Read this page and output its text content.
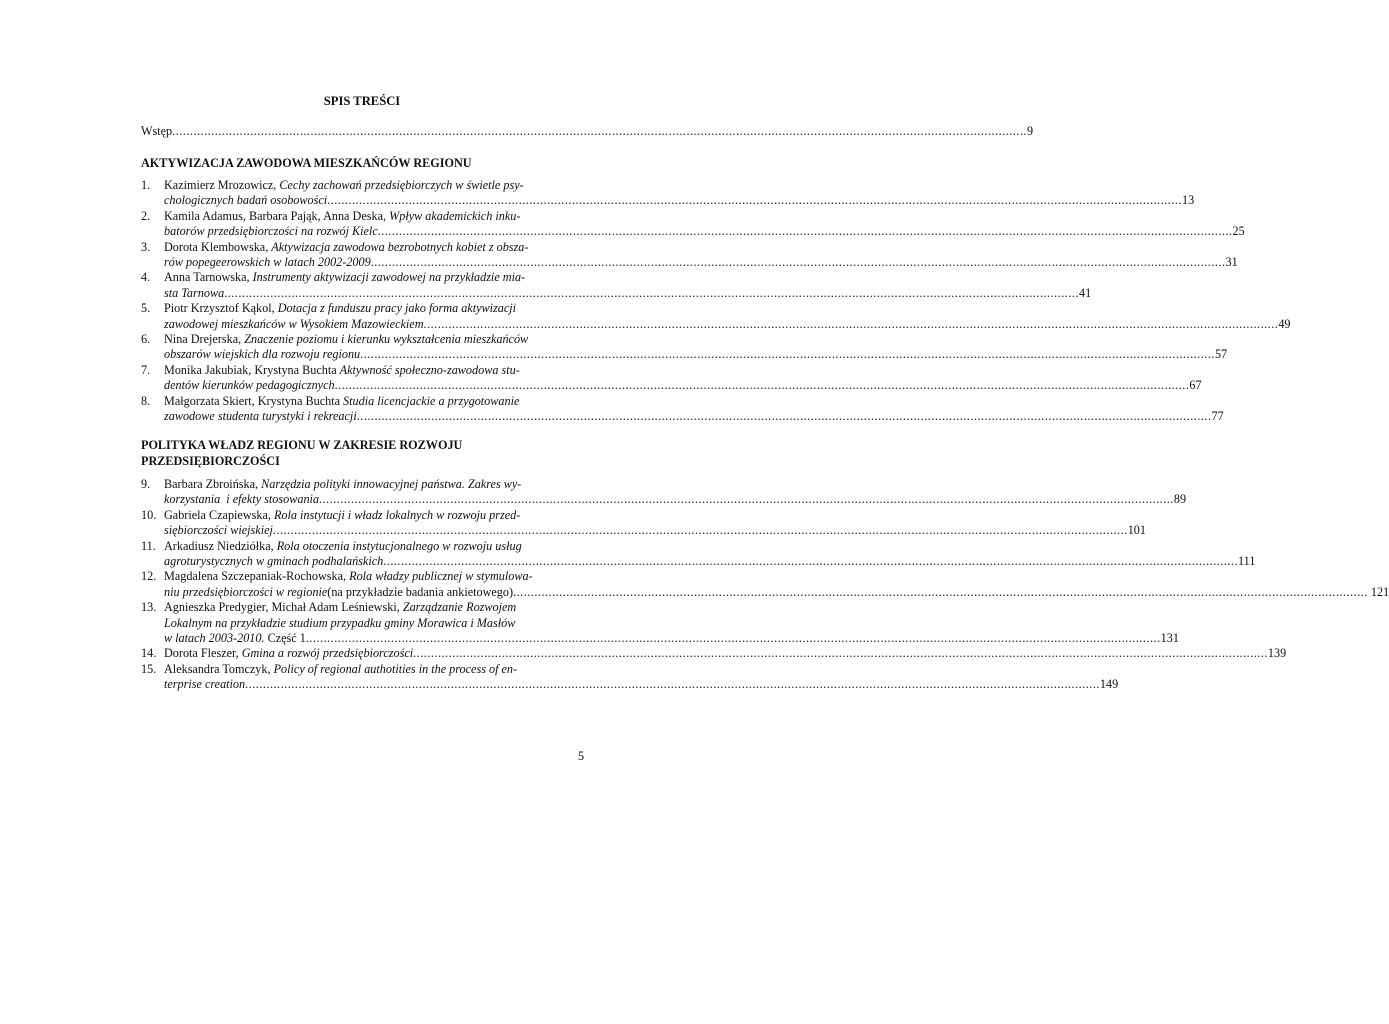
SPIS TREŚCI
Wstęp .....	9
AKTYWIZACJA ZAWODOWA MIESZKAŃCÓW REGIONU
1.	Kazimierz Mrozowicz, Cechy zachowań przedsiębiorczych w świetle psy-
chologicznych badań osobowości .....	13
2.	Kamila Adamus, Barbara Pająk, Anna Deska, Wpływ akademickich inku-
batorów przedsiębiorczości na rozwój Kielc .....	25
3.	Dorota Klembowska, Aktywizacja zawodowa bezrobotnych kobiet z obsza-
rów popegeerowskich w latach 2002-2009 .....	31
4.	Anna Tarnowska, Instrumenty aktywizacji zawodowej na przykładzie mia-
sta Tarnowa .....	41
5.	Piotr Krzysztof Kąkol, Dotacja z funduszu pracy jako forma aktywizacji
zawodowej mieszkańców w Wysokiem Mazowieckiem .....	49
6.	Nina Drejerska, Znaczenie poziomu i kierunku wykształcenia mieszkańców
obszarów wiejskich dla rozwoju regionu .....	57
7.	Monika Jakubiak, Krystyna Buchta Aktywność społeczno-zawodowa stu-
dentów kierunków pedagogicznych .....	67
8.	Małgorzata Skiert, Krystyna Buchta Studia licencjackie a przygotowanie
zawodowe studenta turystyki i rekreacji .....	77
POLITYKA WŁADZ REGIONU W ZAKRESIE ROZWOJU
PRZEDSIĘBIORCZOŚCI
9.	Barbara Zbroińska, Narzędzia polityki innowacyjnej państwa. Zakres wy-
korzystania  i efekty stosowania .....	89
10. Gabriela Czapiewska, Rola instytucji i władz lokalnych w rozwoju przed-
siębiorczości wiejskiej .....	101
11. Arkadiusz Niedziółka, Rola otoczenia instytucjonalnego w rozwoju usług
agroturystycznych w gminach podhalańskich .....	111
12. Magdalena Szczepaniak-Rochowska, Rola władzy publicznej w stymulowa-
niu przedsiębiorczości w regionie (na przykładzie badania ankietowego) .....	121
13. Agnieszka Predygier, Michał Adam Leśniewski, Zarządzanie Rozwojem
Lokalnym na przykładzie studium przypadku gminy Morawica i Masłów
w latach 2003-2010. Część 1 .....	131
14. Dorota Fleszer, Gmina a rozwój przedsiębiorczości .....	139
15. Aleksandra Tomczyk, Policy of regional authotities in the process of en-
terprise creation .....	149
5
